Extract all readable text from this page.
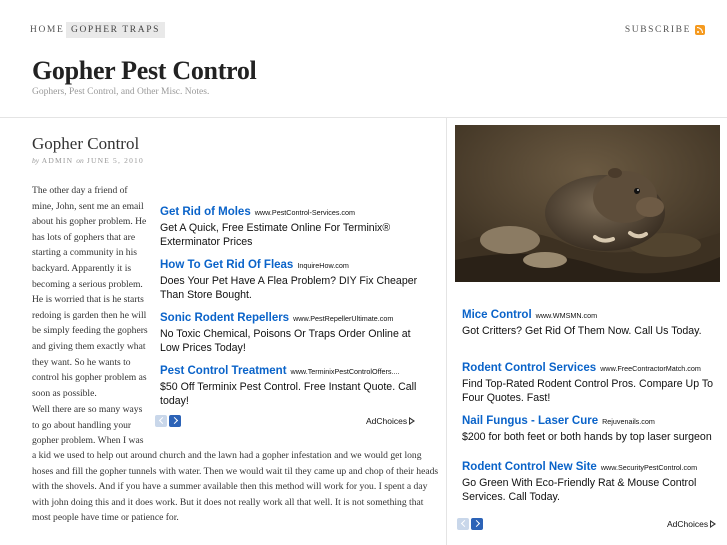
HOME GOPHER TRAPS	SUBSCRIBE
Gopher Pest Control
Gophers, Pest Control, and Other Misc. Notes.
Gopher Control
by ADMIN on JUNE 5, 2010

The other day a friend of mine, John, sent me an email about his gopher problem. He has lots of gophers that are starting a community in his backyard. Apparently it is becoming a serious problem. He is worried that is he starts redoing is garden then he will be simply feeding the gophers and giving them exactly what they want. So he wants to control his gopher problem as soon as possible.

Well there are so many ways to go about handling your gopher problem. When I was

a kid we used to help out around church and the lawn had a gopher infestation and we would get long hoses and fill the gopher tunnels with water. Then we would wait til they came up and chop of their heads with the shovels. And if you have a summer available then this method will work for you. I spent a day with john doing this and it does work. But it does not really work all that well. It is not something that most people have time or patience for.

Get Rid of Moles www.PestControl-Services.com
Get A Quick, Free Estimate Online For Terminix® Exterminator Prices
How To Get Rid Of Fleas InquireHow.com
Does Your Pet Have A Flea Problem? DIY Fix Cheaper Than Store Bought.
Sonic Rodent Repellers www.PestRepellerUltimate.com
No Toxic Chemical, Poisons Or Traps Order Online at Low Prices Today!
Pest Control Treatment www.TerminixPestControlOffers....
$50 Off Terminix Pest Control. Free Instant Quote. Call today!
AdChoices
Mice Control www.WMSMN.com
Got Critters? Get Rid Of Them Now. Call Us Today.
Rodent Control Services www.FreeContractorMatch.com
Find Top-Rated Rodent Control Pros. Compare Up To Four Quotes. Fast!
Nail Fungus - Laser Cure Rejuvenails.com
$200 for both feet or both hands by top laser surgeon
Rodent Control New Site www.SecurityPestControl.com
Go Green With Eco-Friendly Rat & Mouse Control Services. Call Today.
AdChoices
